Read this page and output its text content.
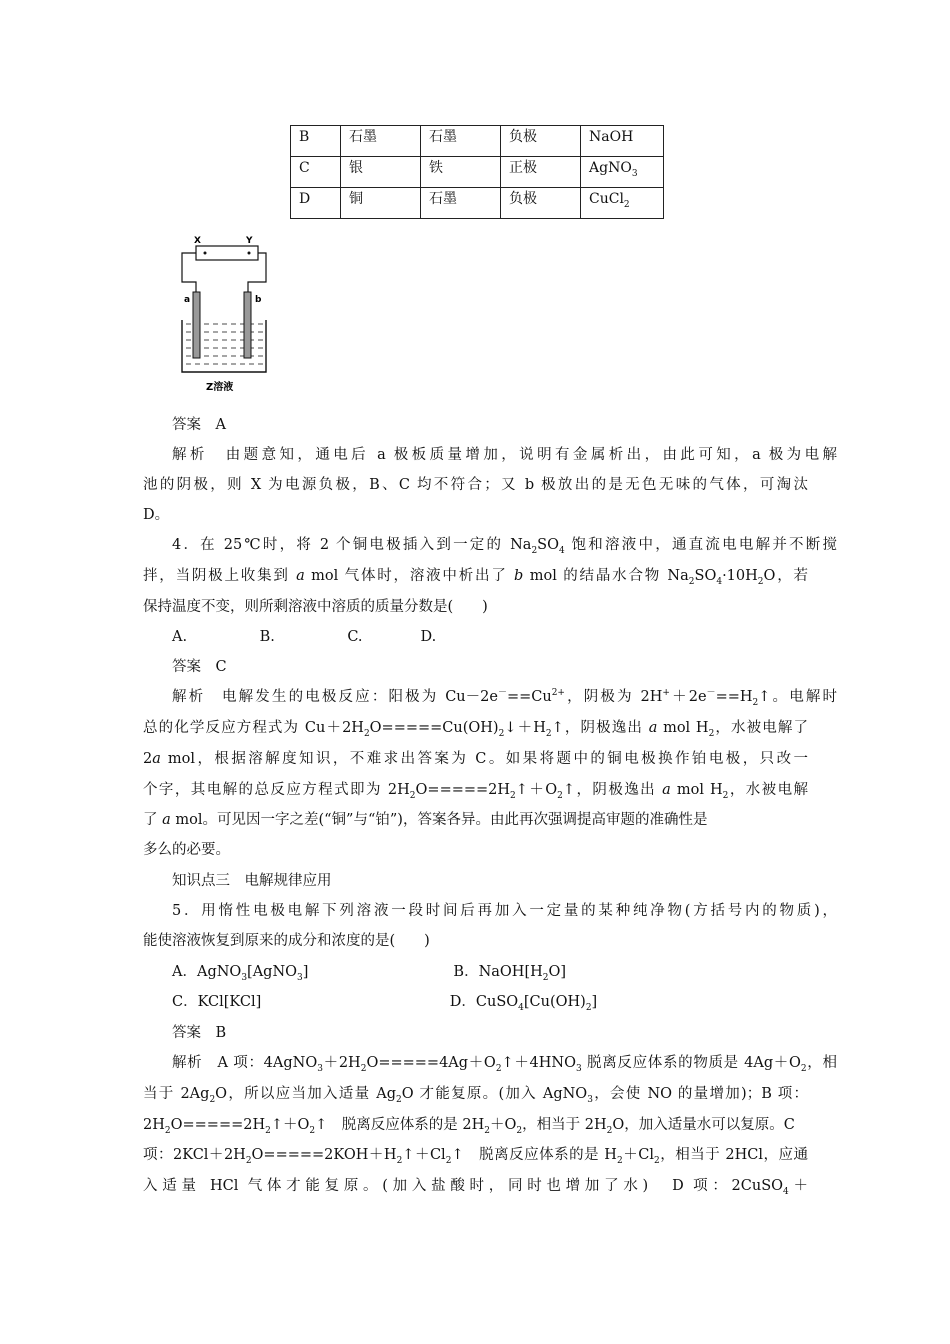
B	石墨	石墨	负极	NaOH
C	银	铁	正极	AgNO$_3$
D	铜	石墨	负极	CuCl$_2$
X	Y
a	b
Z溶液
答案　A
解析　由题意知，通电后 a 极板质量增加，说明有金属析出，由此可知，a 极为电解
池的阴极，则 X 为电源负极，B、C 均不符合；又 b 极放出的是无色无味的气体，可淘汰
D。
4．在 25℃时，将 2 个铜电极插入到一定的 $Na_2SO_4$ 饱和溶液中，通直流电电解并不断搅
拌，当阴极上收集到 a mol 气体时，溶液中析出了 b mol 的结晶水合物 $Na_2SO_4\cdot 10H_2O$，若
保持温度不变，则所剩溶液中溶质的质量分数是(　　)
A.　　　　　B.　　　　　C.　　　　D.
答案　C
解析　电解发生的电极反应：阳极为 $Cu-2e^-==Cu^{2+}$，阴极为 $2H^++2e^-==H_2↑$。电解时
总的化学反应方程式为 $Cu+2H_2O=====Cu(OH)_2↓+H_2↑$，阴极逸出 a mol $H_2$，水被电解了
2a mol，根据溶解度知识，不难求出答案为 C。如果将题中的铜电极换作铂电极，只改一
个字，其电解的总反应方程式即为 $2H_2O=====2H_2↑+O_2↑$，阴极逸出 a mol $H_2$，水被电解
了 a mol。可见因一字之差(“铜”与“铂”)，答案各异。由此再次强调提高审题的准确性是
多么的必要。
知识点三　电解规律应用
5．用惰性电极电解下列溶液一段时间后再加入一定量的某种纯净物(方括号内的物质)，
能使溶液恢复到原来的成分和浓度的是(　　)
A．AgNO$_3$[AgNO$_3$]　　　　　　　　　　B．$NaOH[H_2O]$
C．KCl[KCl]　　　　　　　　　　　　　D．$CuSO_4[Cu(OH)_2]$
答案　B
解析　A 项：$4AgNO_3+2H_2O=====4Ag+O_2↑+4HNO_3$ 脱离反应体系的物质是 $4Ag+O_2$，相
当于 $2Ag_2O$，所以应当加入适量 $Ag_2O$ 才能复原。(加入 AgNO$_3$，会使 NO 的量增加)；B 项：
$2H_2O=====2H_2↑+O_2↑$　脱离反应体系的是 $2H_2+O_2$，相当于 $2H_2O$，加入适量水可以复原。C
项：$2KCl+2H_2O=====2KOH+H_2↑+Cl_2↑$　脱离反应体系的是 $H_2+Cl_2$，相当于 2HCl，应通
入适量 HCl 气体才能复原。(加入盐酸时，同时也增加了水)　D 项：2CuSO$_4$＋
